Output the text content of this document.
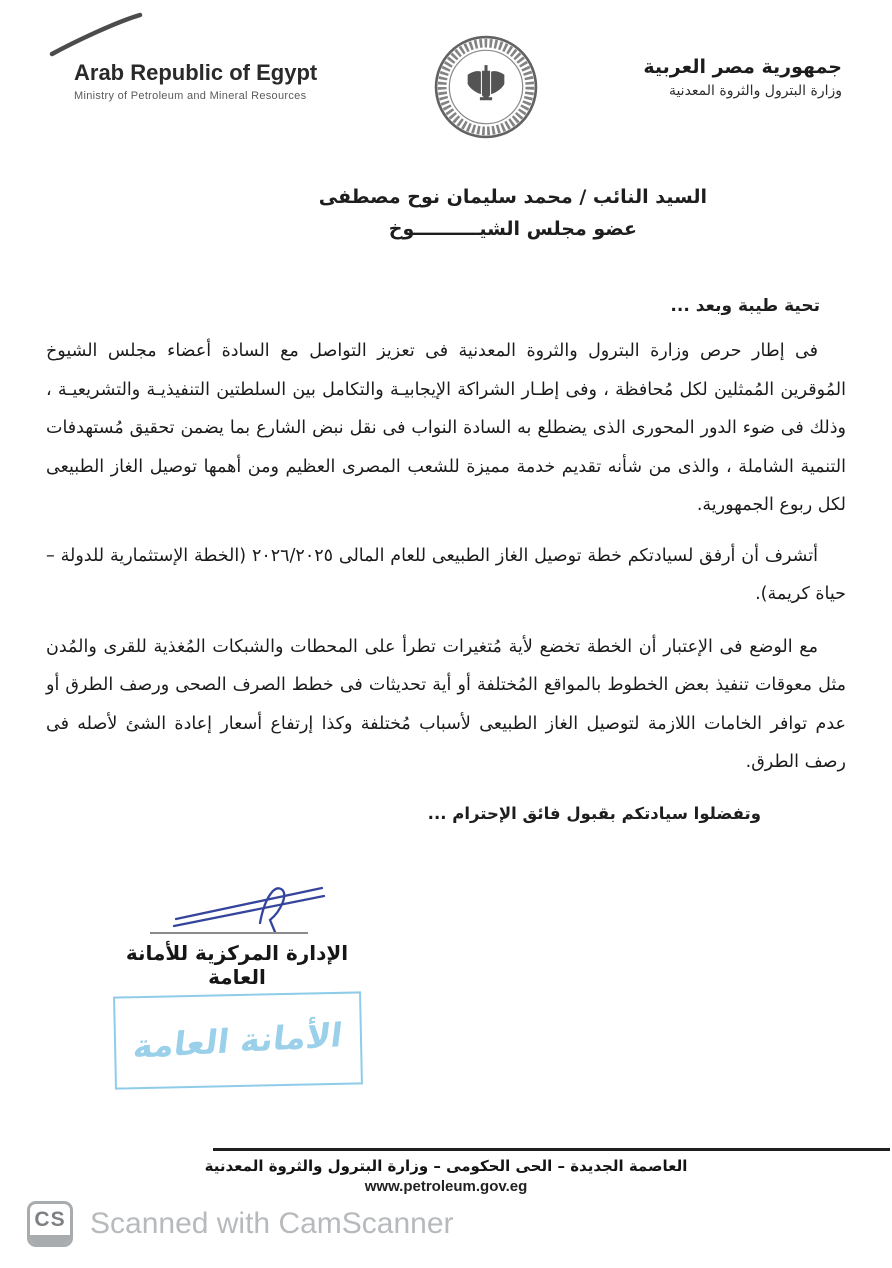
Arab Republic of Egypt
Ministry of Petroleum and Mineral Resources
جمهورية مصر العربية
وزارة البترول والثروة المعدنية
السيد النائب / محمد سليمان نوح مصطفى
عضو مجلس الشيــــــــــوخ
تحية طيبة وبعد ...

فى إطار حرص وزارة البترول والثروة المعدنية فى تعزيز التواصل مع السادة أعضاء مجلس الشيوخ المُوقرين المُمثلين لكل مُحافظة ، وفى إطـار الشراكة الإيجابيـة والتكامل بين السلطتين التنفيذيـة والتشريعيـة ، وذلك فى ضوء الدور المحورى الذى يضطلع به السادة النواب فى نقل نبض الشارع بما يضمن تحقيق مُستهدفات التنمية الشاملة ، والذى من شأنه تقديم خدمة مميزة للشعب المصرى العظيم ومن أهمها توصيل الغاز الطبيعى لكل ربوع الجمهورية.

أتشرف أن أرفق لسيادتكم خطة توصيل الغاز الطبيعى للعام المالى ٢٠٢٦/٢٠٢٥ (الخطة الإستثمارية للدولة – حياة كريمة).

مع الوضع فى الإعتبار أن الخطة تخضع لأية مُتغيرات تطرأ على المحطات والشبكات المُغذية للقرى والمُدن مثل معوقات تنفيذ بعض الخطوط بالمواقع المُختلفة أو أية تحديثات فى خطط الصرف الصحى ورصف الطرق أو عدم توافر الخامات اللازمة لتوصيل الغاز الطبيعى لأسباب مُختلفة وكذا إرتفاع أسعار إعادة الشئ لأصله فى رصف الطرق.

وتفضلوا سيادتكم بقبول فائق الإحترام ...
الإدارة المركزية للأمانة العامة
الأمانة العامة
العاصمة الجديدة – الحى الحكومى – وزارة البترول والثروة المعدنية
www.petroleum.gov.eg
CS Scanned with CamScanner
